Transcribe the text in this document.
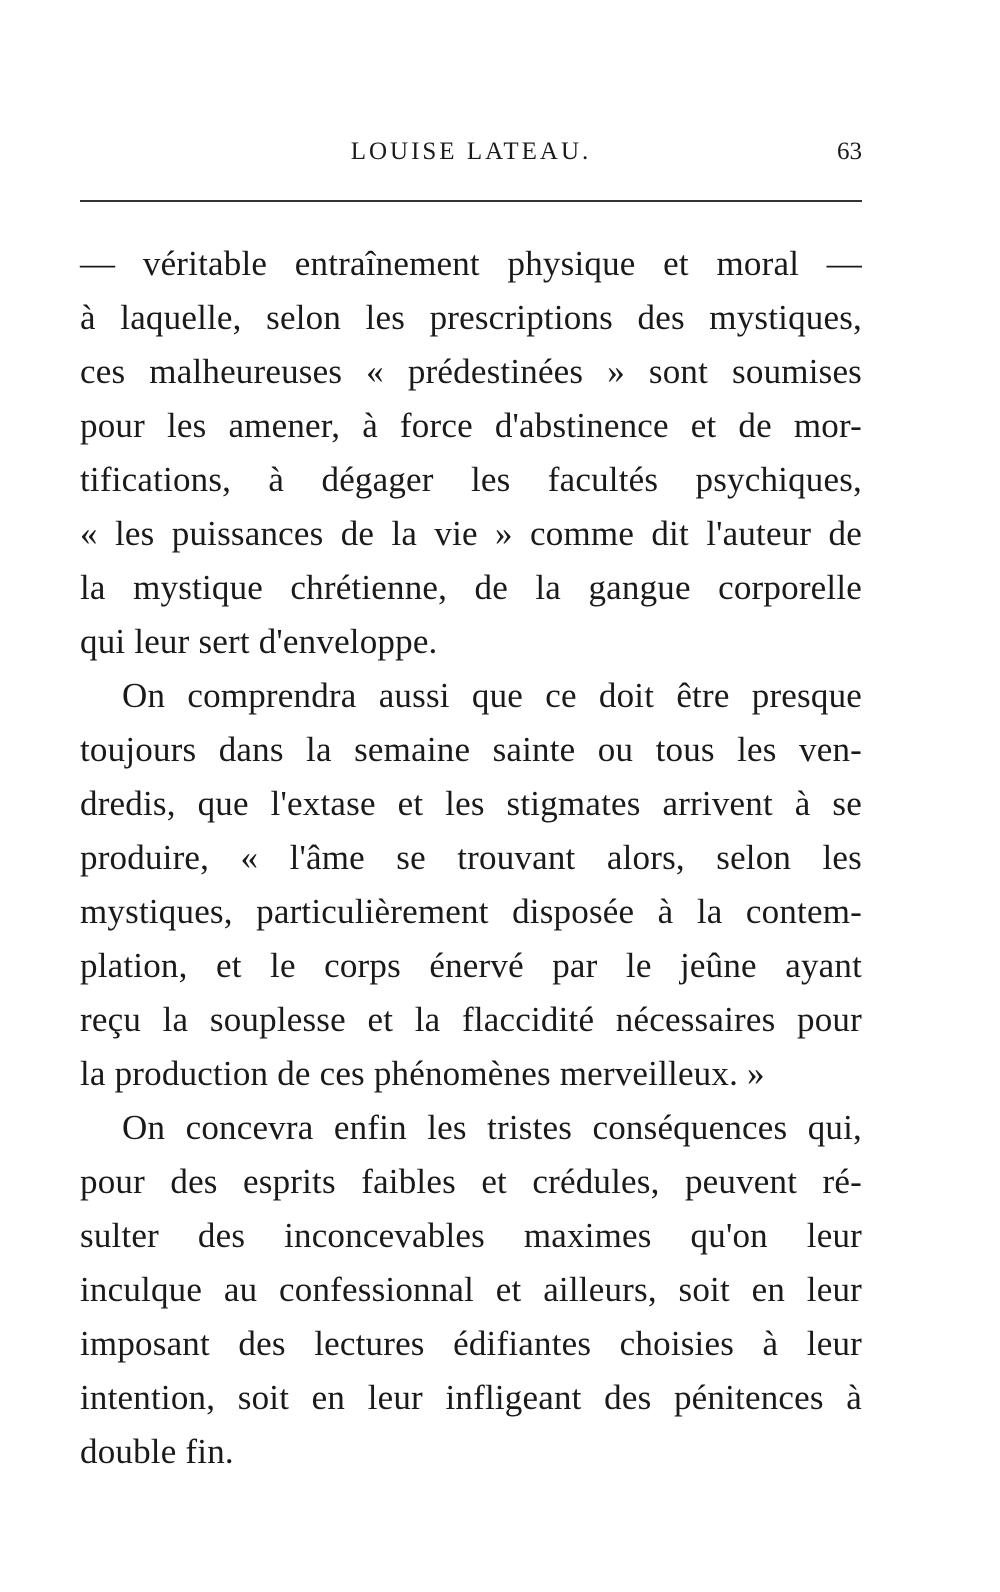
LOUISE LATEAU.	63
— véritable entraînement physique et moral —
à laquelle, selon les prescriptions des mystiques,
ces malheureuses « prédestinées » sont soumises
pour les amener, à force d'abstinence et de mor-
tifications, à dégager les facultés psychiques,
« les puissances de la vie » comme dit l'auteur de
la mystique chrétienne, de la gangue corporelle
qui leur sert d'enveloppe.
On comprendra aussi que ce doit être presque
toujours dans la semaine sainte ou tous les ven-
dredis, que l'extase et les stigmates arrivent à se
produire, « l'âme se trouvant alors, selon les
mystiques, particulièrement disposée à la contem-
plation, et le corps énervé par le jeûne ayant
reçu la souplesse et la flaccidité nécessaires pour
la production de ces phénomènes merveilleux. »
On concevra enfin les tristes conséquences qui,
pour des esprits faibles et crédules, peuvent ré-
sulter des inconcevables maximes qu'on leur
inculque au confessionnal et ailleurs, soit en leur
imposant des lectures édifiantes choisies à leur
intention, soit en leur infligeant des pénitences à
double fin.
